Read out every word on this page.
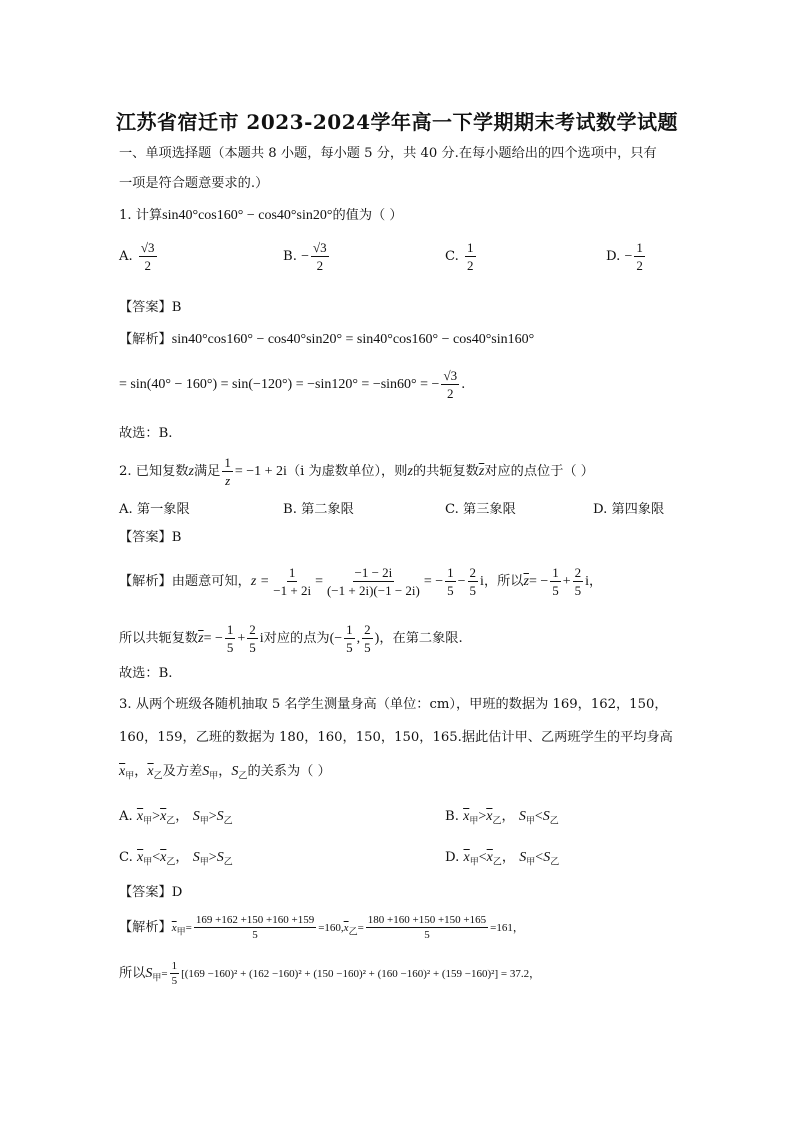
江苏省宿迁市 2023-2024学年高一下学期期末考试数学试题
一、单项选择题（本题共 8 小题，每小题 5 分，共 40 分.在每小题给出的四个选项中，只有
一项是符合题意要求的.）
1. 计算sin40°cos160° − cos40°sin20°的值为（ ）
A. $\frac{√3}{2}$	B. − $\frac{√3}{2}$	C. $\frac{1}{2}$	D. − $\frac{1}{2}$
【答案】B
【解析】sin40°cos160° − cos40°sin20° = sin40°cos160° − cos40°sin160°
= sin(40° − 160°) = sin(−120°) = −sin120° = −sin60° = − $\frac{√3}{2}$ .
故选：B.
2. 已知复数z满足 $\frac{1}{z} = -1 + 2i(i$ 为虚数单位），则z的共轭复数$\overline{z}$对应的点位于（ ）
A. 第一象限	B. 第二象限	C. 第三象限	D. 第四象限
【答案】B
【解析】由题意可知，$z = \frac{1}{-1 + 2i} = \frac{-1 - 2i}{(-1 + 2i)(-1 - 2i)}$ = − $\frac{1}{5} - \frac{2}{5}$ i，所以$\overline{z}= - \frac{1}{5} + \frac{2}{5}$ i，
所以共轭复数$\overline{z}= - \frac{1}{5} + \frac{2}{5}$ i对应的点为(− $\frac{1}{5}$ , $\frac{2}{5}$ )，在第二象限.
故选：B.
3. 从两个班级各随机抽取 5 名学生测量身高（单位：cm），甲班的数据为 169，162，150，
160，159，乙班的数据为 180，160，150，150，165.据此估计甲、乙两班学生的平均身高
$\overline{x}_甲$，$\overline{x}_乙$及方差$S_甲$，$S_乙$的关系为（ ）
A. $\overline{x}_甲>\overline{x}_乙$， $S_甲>S_乙$	B. $\overline{x}_甲>\overline{x}_乙$， $S_甲<S_乙$
C. $\overline{x}_甲<\overline{x}_乙$， $S_甲>S_乙$	D. $\overline{x}_甲<\overline{x}_乙$， $S_甲<S_乙$
【答案】D
【解析】$\overline{x}_甲= \frac{169 +162 +150 +160 +159}{5} =160,\overline{x}_乙= \frac{180 +160 +150 +150 +165}{5} =161$，
所以$S_甲= \frac{1}{5} [(169 -160)^2 + (162 -160)^2 + (150 -160)^2 + (160 -160)^2 + (159 -160)^2] = 37.2$，
